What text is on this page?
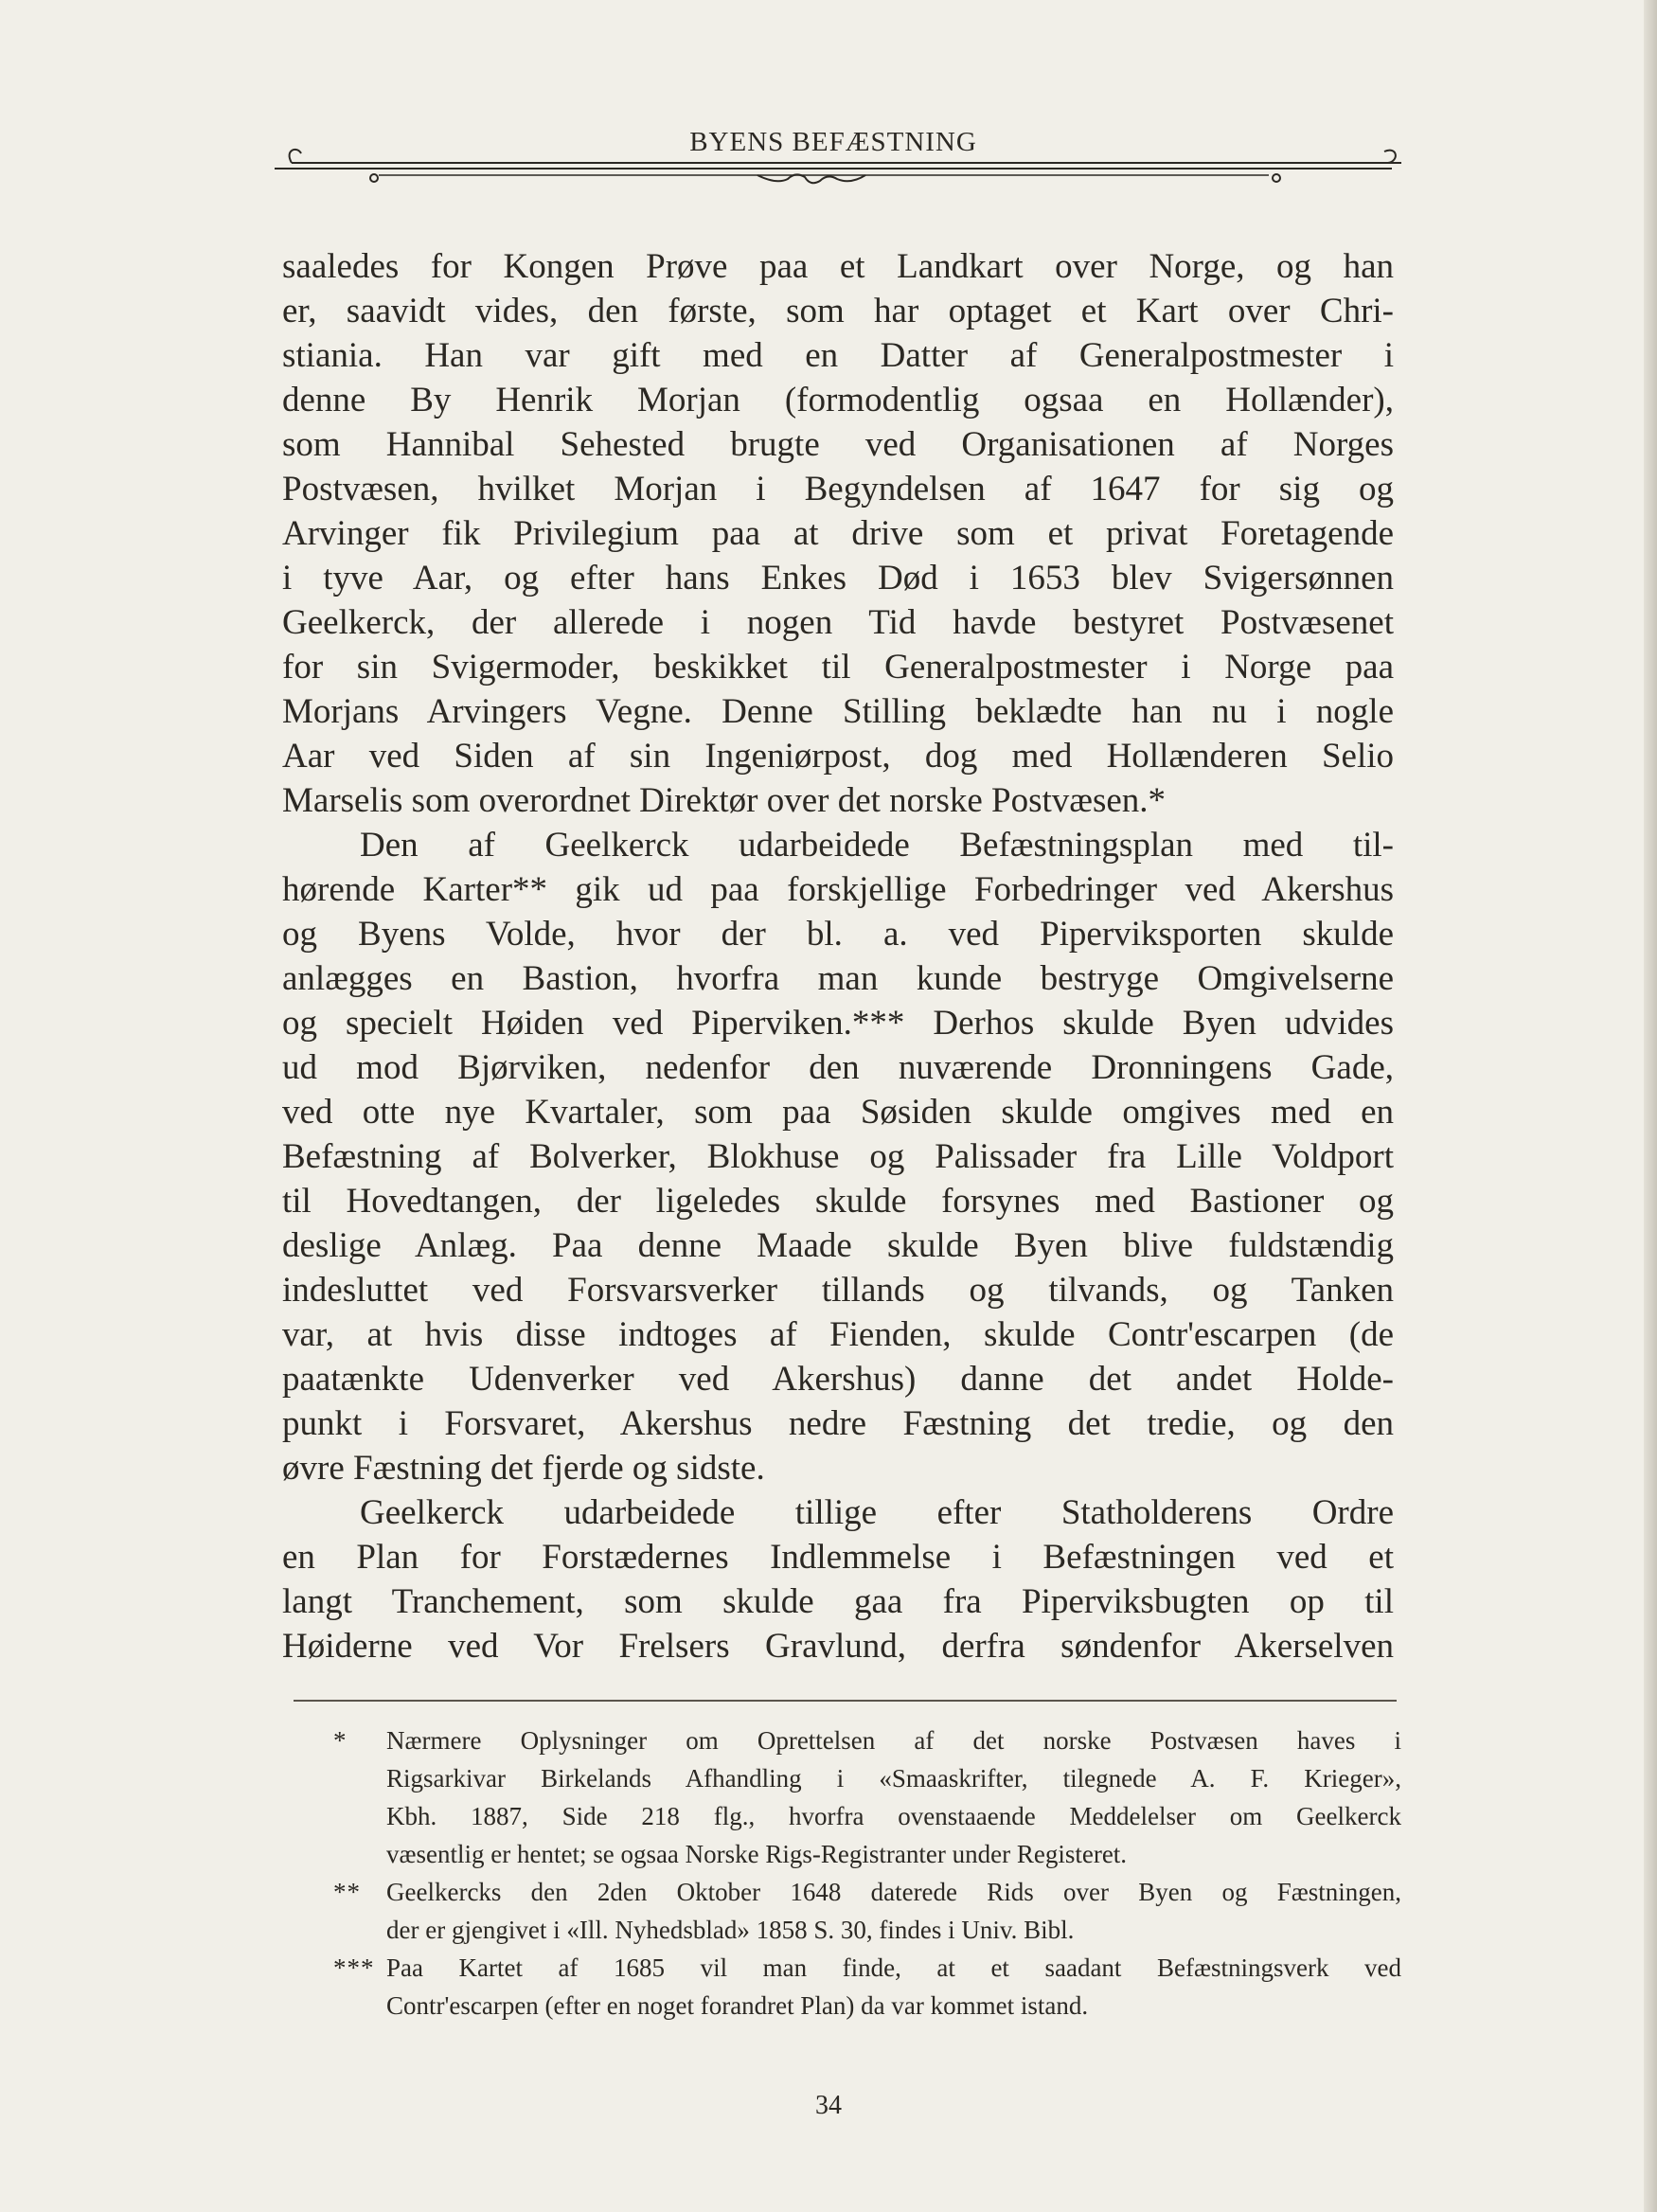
BYENS BEFÆSTNING
saaledes for Kongen Prøve paa et Landkart over Norge, og han
er, saavidt vides, den første, som har optaget et Kart over Chri-
stiania. Han var gift med en Datter af Generalpostmester i
denne By Henrik Morjan (formodentlig ogsaa en Hollænder),
som Hannibal Sehested brugte ved Organisationen af Norges
Postvæsen, hvilket Morjan i Begyndelsen af 1647 for sig og
Arvinger fik Privilegium paa at drive som et privat Foretagende
i tyve Aar, og efter hans Enkes Død i 1653 blev Svigersønnen
Geelkerck, der allerede i nogen Tid havde bestyret Postvæsenet
for sin Svigermoder, beskikket til Generalpostmester i Norge paa
Morjans Arvingers Vegne. Denne Stilling beklædte han nu i nogle
Aar ved Siden af sin Ingeniørpost, dog med Hollænderen Selio
Marselis som overordnet Direktør over det norske Postvæsen.*
Den af Geelkerck udarbeidede Befæstningsplan med til-
hørende Karter** gik ud paa forskjellige Forbedringer ved Akershus
og Byens Volde, hvor der bl. a. ved Piperviksporten skulde
anlægges en Bastion, hvorfra man kunde bestryge Omgivelserne
og specielt Høiden ved Piperviken.*** Derhos skulde Byen udvides
ud mod Bjørviken, nedenfor den nuværende Dronningens Gade,
ved otte nye Kvartaler, som paa Søsiden skulde omgives med en
Befæstning af Bolverker, Blokhuse og Palissader fra Lille Voldport
til Hovedtangen, der ligeledes skulde forsynes med Bastioner og
deslige Anlæg. Paa denne Maade skulde Byen blive fuldstændig
indesluttet ved Forsvarsverker tillands og tilvands, og Tanken
var, at hvis disse indtoges af Fienden, skulde Contr'escarpen (de
paatænkte Udenverker ved Akershus) danne det andet Holde-
punkt i Forsvaret, Akershus nedre Fæstning det tredie, og den
øvre Fæstning det fjerde og sidste.
Geelkerck udarbeidede tillige efter Statholderens Ordre
en Plan for Forstædernes Indlemmelse i Befæstningen ved et
langt Tranchement, som skulde gaa fra Piperviksbugten op til
Høiderne ved Vor Frelsers Gravlund, derfra søndenfor Akerselven
*	Nærmere Oplysninger om Oprettelsen af det norske Postvæsen haves i
Rigsarkivar Birkelands Afhandling i «Smaaskrifter, tilegnede A. F. Krieger»,
Kbh. 1887, Side 218 flg., hvorfra ovenstaaende Meddelelser om Geelkerck
væsentlig er hentet; se ogsaa Norske Rigs-Registranter under Registeret.
**	Geelkercks den 2den Oktober 1648 daterede Rids over Byen og Fæstningen,
der er gjengivet i «Ill. Nyhedsblad» 1858 S. 30, findes i Univ. Bibl.
*** Paa Kartet af 1685 vil man finde, at et saadant Befæstningsverk ved
Contr'escarpen (efter en noget forandret Plan) da var kommet istand.
34
